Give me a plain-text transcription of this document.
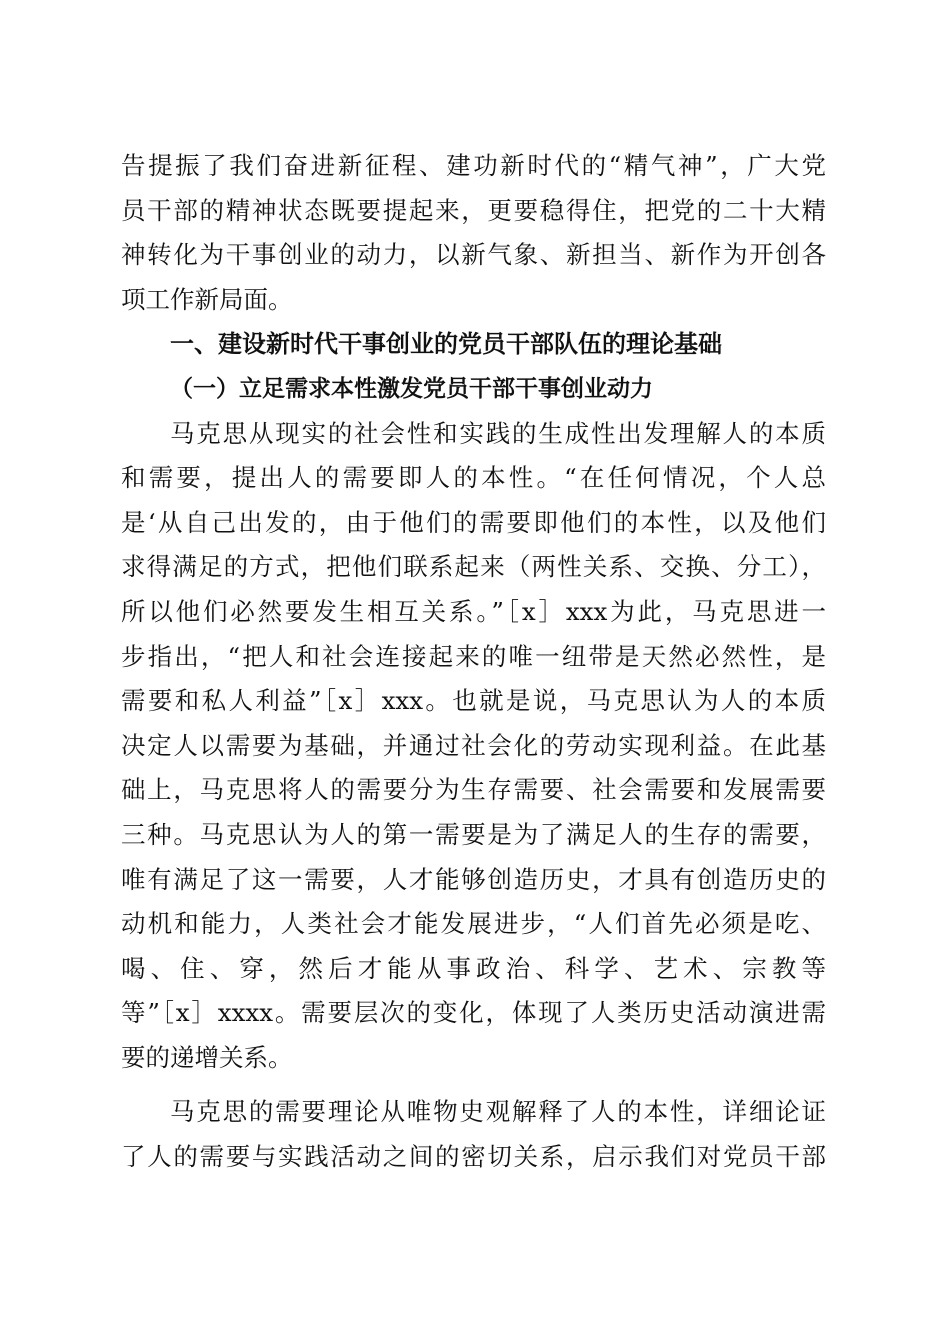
告提振了我们奋进新征程、建功新时代的“精气神”，广大党
员干部的精神状态既要提起来，更要稳得住，把党的二十大精
神转化为干事创业的动力，以新气象、新担当、新作为开创各
项工作新局面。
一、建设新时代干事创业的党员干部队伍的理论基础
（一）立足需求本性激发党员干部干事创业动力
马克思从现实的社会性和实践的生成性出发理解人的本质
和需要，提出人的需要即人的本性。“在任何情况，个人总
是‘从自己出发的，由于他们的需要即他们的本性，以及他们
求得满足的方式，把他们联系起来（两性关系、交换、分工），
所以他们必然要发生相互关系。”［x］xxx为此，马克思进一
步指出，“把人和社会连接起来的唯一纽带是天然必然性，是
需要和私人利益”［x］xxx。也就是说，马克思认为人的本质
决定人以需要为基础，并通过社会化的劳动实现利益。在此基
础上，马克思将人的需要分为生存需要、社会需要和发展需要
三种。马克思认为人的第一需要是为了满足人的生存的需要，
唯有满足了这一需要，人才能够创造历史，才具有创造历史的
动机和能力，人类社会才能发展进步，“人们首先必须是吃、
喝、住、穿，然后才能从事政治、科学、艺术、宗教等
等”［x］xxxx。需要层次的变化，体现了人类历史活动演进需
要的递增关系。
马克思的需要理论从唯物史观解释了人的本性，详细论证
了人的需要与实践活动之间的密切关系，启示我们对党员干部
